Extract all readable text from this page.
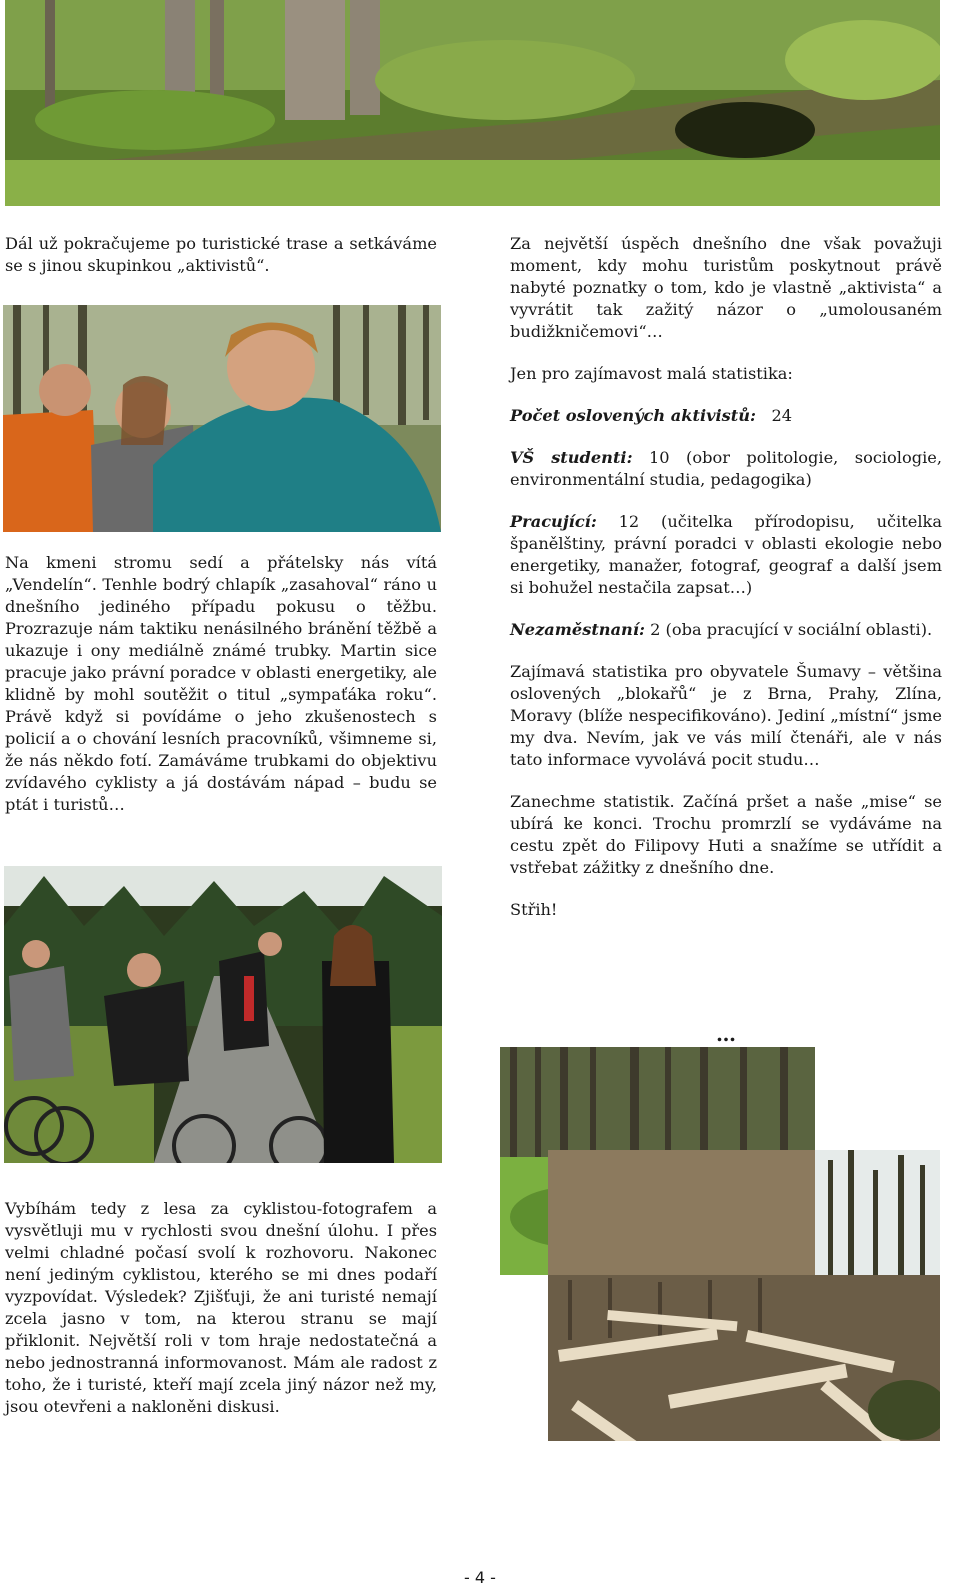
Dál už pokračujeme po turistické trase a setkáváme se s jinou skupinkou „aktivistů“.

Na kmeni stromu sedí a přátelsky nás vítá „Vendelín“. Tenhle bodrý chlapík „zasahoval“ ráno u dnešního jediného případu pokusu o těžbu. Prozrazuje nám taktiku nenásilného bránění těžbě a ukazuje i ony mediálně známé trubky. Martin sice pracuje jako právní poradce v oblasti energetiky, ale klidně by mohl soutěžit o titul „sympaťáka roku“. Právě když si povídáme o jeho zkušenostech s policií a o chování lesních pracovníků, všimneme si, že nás někdo fotí. Zamáváme trubkami do objektivu zvídavého cyklisty a já dostávám nápad – budu se ptát i turistů…

Vybíhám tedy z lesa za cyklistou-fotografem a vysvětluji mu v rychlosti svou dnešní úlohu. I přes velmi chladné počasí svolí k rozhovoru. Nakonec není jediným cyklistou, kterého se mi dnes podaří vyzpovídat. Výsledek? Zjišťuji, že ani turisté nemají zcela jasno v tom, na kterou stranu se mají přiklonit. Největší roli v tom hraje nedostatečná a nebo jednostranná informovanost. Mám ale radost z toho, že i turisté, kteří mají zcela jiný názor než my, jsou otevřeni a nakloněni diskusi.

Za největší úspěch dnešního dne však považuji moment, kdy mohu turistům poskytnout právě nabyté poznatky o tom, kdo je vlastně „aktivista“ a vyvrátit tak zažitý názor o „umolousaném budižkničemovi“…

Jen pro zajímavost malá statistika:

Počet oslovených aktivistů: 24

VŠ studenti: 10 (obor politologie, sociologie, environmentální studia, pedagogika)

Pracující: 12 (učitelka přírodopisu, učitelka španělštiny, právní poradci v oblasti ekologie nebo energetiky, manažer, fotograf, geograf a další jsem si bohužel nestačila zapsat…)

Nezaměstnaní: 2 (oba pracující v sociální oblasti).

Zajímavá statistika pro obyvatele Šumavy – většina oslovených „blokařů“ je z Brna, Prahy, Zlína, Moravy (blíže nespecifikováno). Jediní „místní“ jsme my dva. Nevím, jak ve vás milí čtenáři, ale v nás tato informace vyvolává pocit studu…

Zanechme statistik. Začíná pršet a naše „mise“ se ubírá ke konci. Trochu promrzlí se vydáváme na cestu zpět do Filipovy Huti a snažíme se utřídit a vstřebat zážitky z dnešního dne.

Střih!

…
- 4 -
